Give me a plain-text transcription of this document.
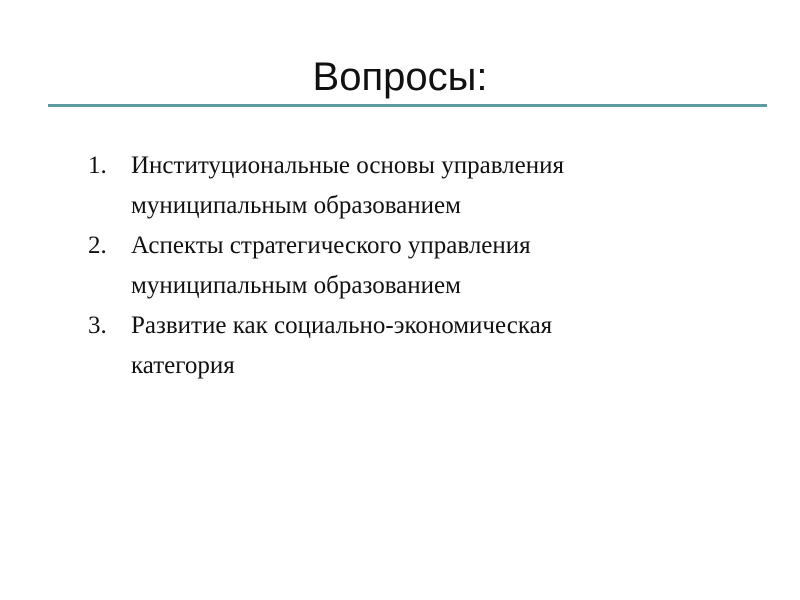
Вопросы:
1. Институциональные основы управления
муниципальным образованием
2. Аспекты стратегического управления
муниципальным образованием
3. Развитие как социально-экономическая
категория
